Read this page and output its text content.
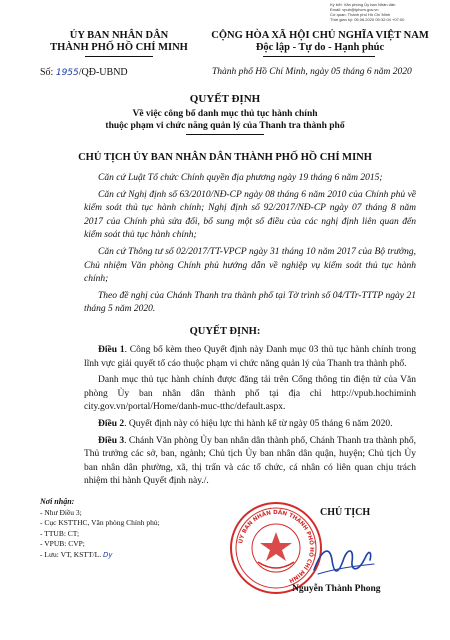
Ký bởi: Văn phòng Ủy ban Nhân dân
Email: vpub@tphcm.gov.vn
Cơ quan: Thành phố Hồ Chí Minh
Thời gian ký: 05.06.2020 09:32:04 +07:00
ỦY BAN NHÂN DÂN
THÀNH PHỐ HỒ CHÍ MINH
CỘNG HÒA XÃ HỘI CHỦ NGHĨA VIỆT NAM
Độc lập - Tự do - Hạnh phúc
Số: 1955/QĐ-UBND	Thành phố Hồ Chí Minh, ngày 05 tháng 6 năm 2020
QUYẾT ĐỊNH
Về việc công bố danh mục thủ tục hành chính
thuộc phạm vi chức năng quản lý của Thanh tra thành phố
CHỦ TỊCH ỦY BAN NHÂN DÂN THÀNH PHỐ HỒ CHÍ MINH

Căn cứ Luật Tổ chức Chính quyền địa phương ngày 19 tháng 6 năm 2015;

Căn cứ Nghị định số 63/2010/NĐ-CP ngày 08 tháng 6 năm 2010 của Chính phủ về kiểm soát thủ tục hành chính; Nghị định số 92/2017/NĐ-CP ngày 07 tháng 8 năm 2017 của Chính phủ sửa đổi, bổ sung một số điều của các nghị định liên quan đến kiểm soát thủ tục hành chính;

Căn cứ Thông tư số 02/2017/TT-VPCP ngày 31 tháng 10 năm 2017 của Bộ trưởng, Chủ nhiệm Văn phòng Chính phủ hướng dẫn về nghiệp vụ kiểm soát thủ tục hành chính;

Theo đề nghị của Chánh Thanh tra thành phố tại Tờ trình số 04/TTr-TTTP ngày 21 tháng 5 năm 2020.

QUYẾT ĐỊNH:

Điều 1. Công bố kèm theo Quyết định này Danh mục 03 thủ tục hành chính trong lĩnh vực giải quyết tố cáo thuộc phạm vi chức năng quản lý của Thanh tra thành phố.

Danh mục thủ tục hành chính được đăng tải trên Cổng thông tin điện tử của Văn phòng Ủy ban nhân dân thành phố tại địa chỉ http://vpub.hochiminh city.gov.vn/portal/Home/danh-muc-tthc/default.aspx.

Điều 2. Quyết định này có hiệu lực thi hành kể từ ngày 05 tháng 6 năm 2020.

Điều 3. Chánh Văn phòng Ủy ban nhân dân thành phố, Chánh Thanh tra thành phố, Thủ trưởng các sở, ban, ngành; Chủ tịch Ủy ban nhân dân quận, huyện; Chủ tịch Ủy ban nhân dân phường, xã, thị trấn và các tổ chức, cá nhân có liên quan chịu trách nhiệm thi hành Quyết định này./.

Nơi nhận:
- Như Điều 3;
- Cục KSTTHC, Văn phòng Chính phủ;
- TTUB: CT;
- VPUB: CVP;
- Lưu: VT, KSTT/L. Dy
CHỦ TỊCH
ỦY BAN NHÂN DÂN THÀNH PHỐ HỒ CHÍ MINH
Nguyễn Thành Phong
